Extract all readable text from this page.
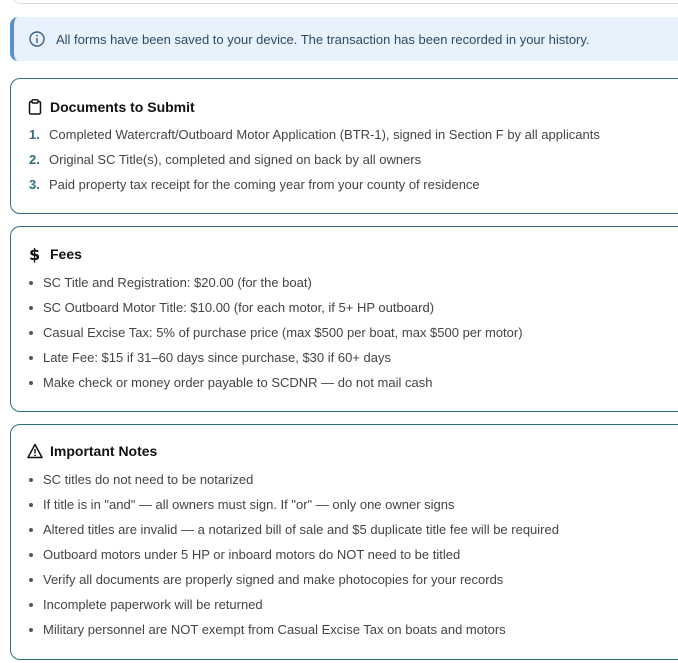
All forms have been saved to your device. The transaction has been recorded in your history.
Documents to Submit
1. Completed Watercraft/Outboard Motor Application (BTR-1), signed in Section F by all applicants
2. Original SC Title(s), completed and signed on back by all owners
3. Paid property tax receipt for the coming year from your county of residence
$ Fees
SC Title and Registration: $20.00 (for the boat)
SC Outboard Motor Title: $10.00 (for each motor, if 5+ HP outboard)
Casual Excise Tax: 5% of purchase price (max $500 per boat, max $500 per motor)
Late Fee: $15 if 31–60 days since purchase, $30 if 60+ days
Make check or money order payable to SCDNR — do not mail cash
Important Notes
SC titles do not need to be notarized
If title is in "and" — all owners must sign. If "or" — only one owner signs
Altered titles are invalid — a notarized bill of sale and $5 duplicate title fee will be required
Outboard motors under 5 HP or inboard motors do NOT need to be titled
Verify all documents are properly signed and make photocopies for your records
Incomplete paperwork will be returned
Military personnel are NOT exempt from Casual Excise Tax on boats and motors
